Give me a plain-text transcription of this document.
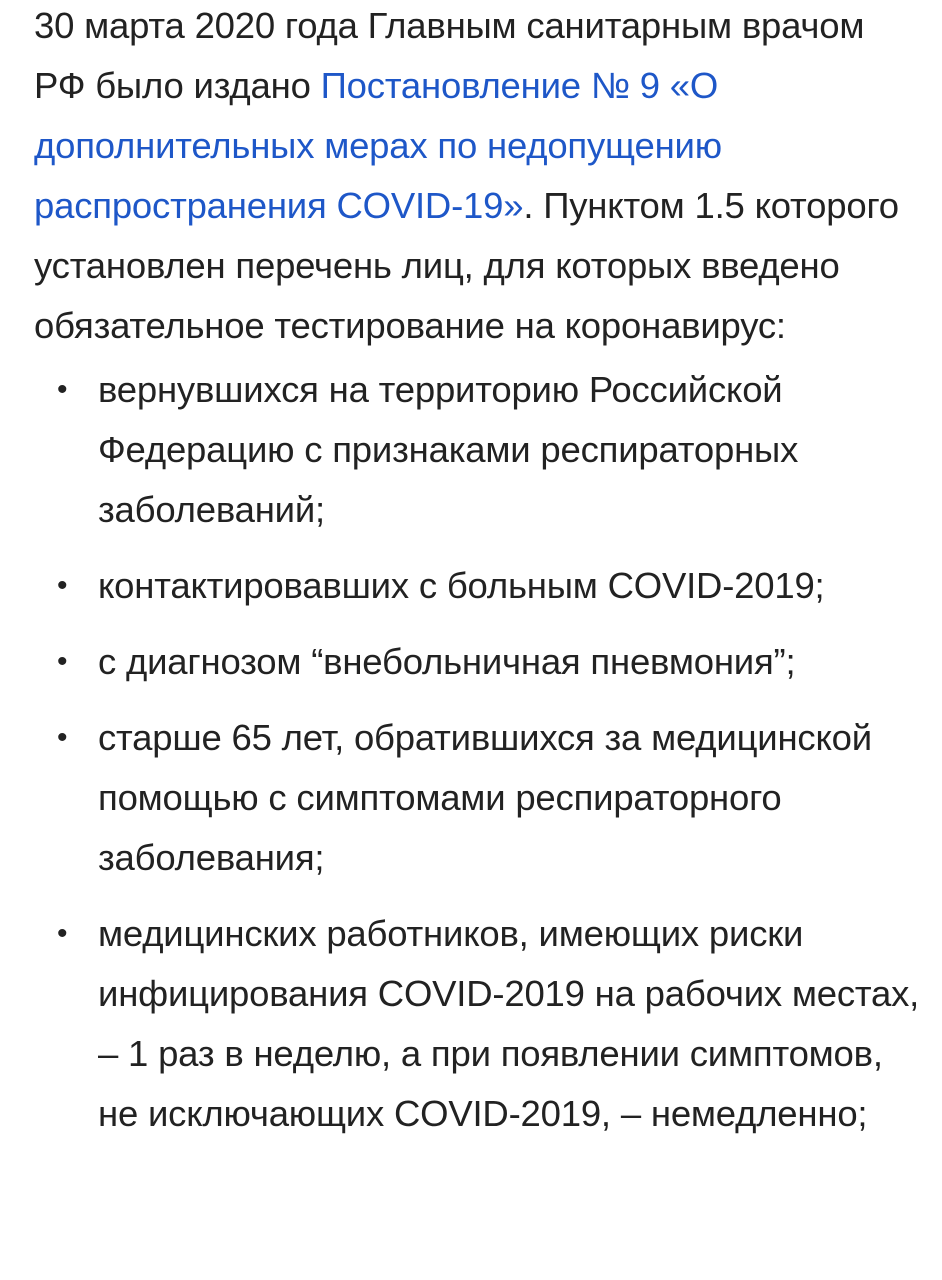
30 марта 2020 года Главным санитарным врачом РФ было издано Постановление № 9 «О дополнительных мерах по недопущению распространения COVID-19». Пунктом 1.5 которого установлен перечень лиц, для которых введено обязательное тестирование на коронавирус:

• вернувшихся на территорию Российской Федерацию с признаками респираторных заболеваний;
• контактировавших с больным COVID-2019;
• с диагнозом “внебольничная пневмония”;
• старше 65 лет, обратившихся за медицинской помощью с симптомами респираторного заболевания;
• медицинских работников, имеющих риски инфицирования COVID-2019 на рабочих местах, – 1 раз в неделю, а при появлении симптомов, не исключающих COVID-2019, – немедленно;
